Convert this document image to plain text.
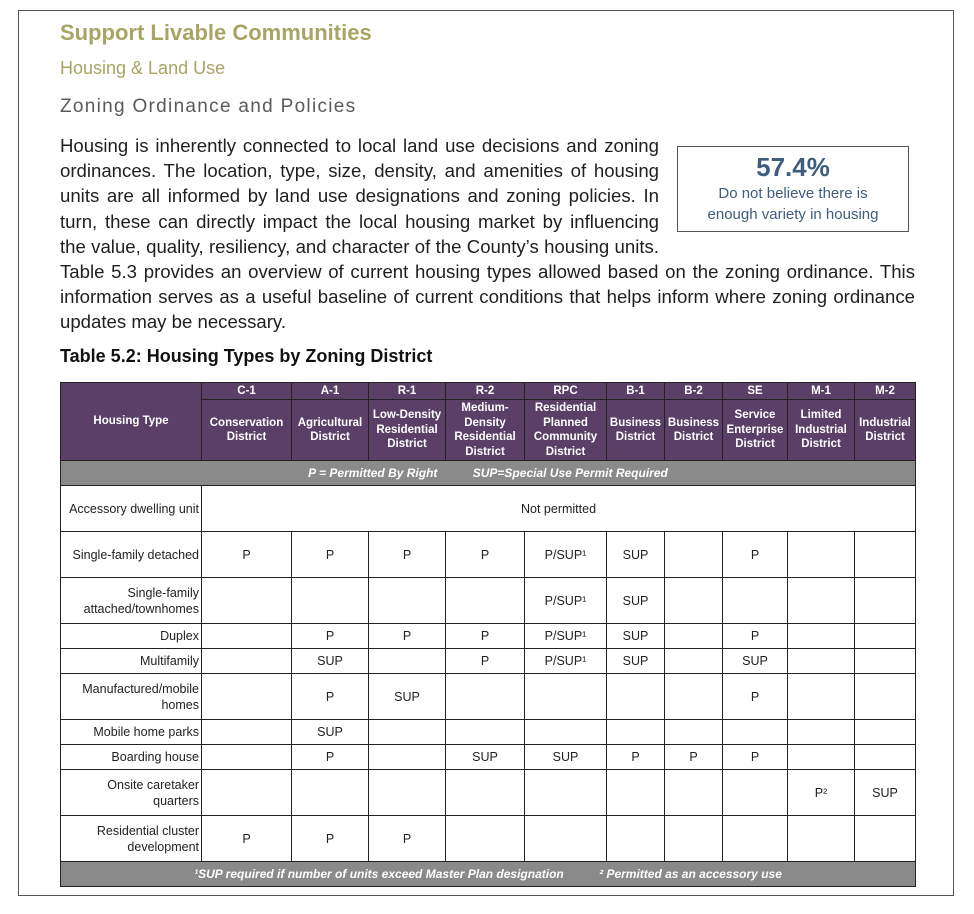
Support Livable Communities
Housing & Land Use
Zoning Ordinance and Policies
57.4%
Do not believe there is
enough variety in housing
Housing is inherently connected to local land use decisions and zoning ordinances. The location, type, size, density, and amenities of housing units are all informed by land use designations and zoning policies. In turn, these can directly impact the local housing market by influencing the value, quality, resiliency, and character of the County’s housing units. Table 5.3 provides an overview of current housing types allowed based on the zoning ordinance. This information serves as a useful baseline of current conditions that helps inform where zoning ordinance updates may be necessary.
Table 5.2: Housing Types by Zoning District
Housing Type	C-1	A-1	R-1	R-2	RPC	B-1	B-2	SE	M-1	M-2
	Conservation District	Agricultural District	Low-Density Residential District	Medium-Density Residential District	Residential Planned Community District	Business District	Business District	Service Enterprise District	Limited Industrial District	Industrial District
P = Permitted By Right SUP=Special Use Permit Required										
Accessory dwelling unit	Not permitted									
Single-family detached	P	P	P	P	P/SUP¹	SUP		P		
Single-family attached/townhomes					P/SUP¹	SUP				
Duplex		P	P	P	P/SUP¹	SUP		P		
Multifamily		SUP		P	P/SUP¹	SUP		SUP		
Manufactured/mobile homes		P	SUP					P		
Mobile home parks		SUP								
Boarding house		P		SUP	SUP	P	P	P		
Onsite caretaker quarters									P²	SUP
Residential cluster development	P	P	P							
¹SUP required if number of units exceed Master Plan designation ² Permitted as an accessory use										
